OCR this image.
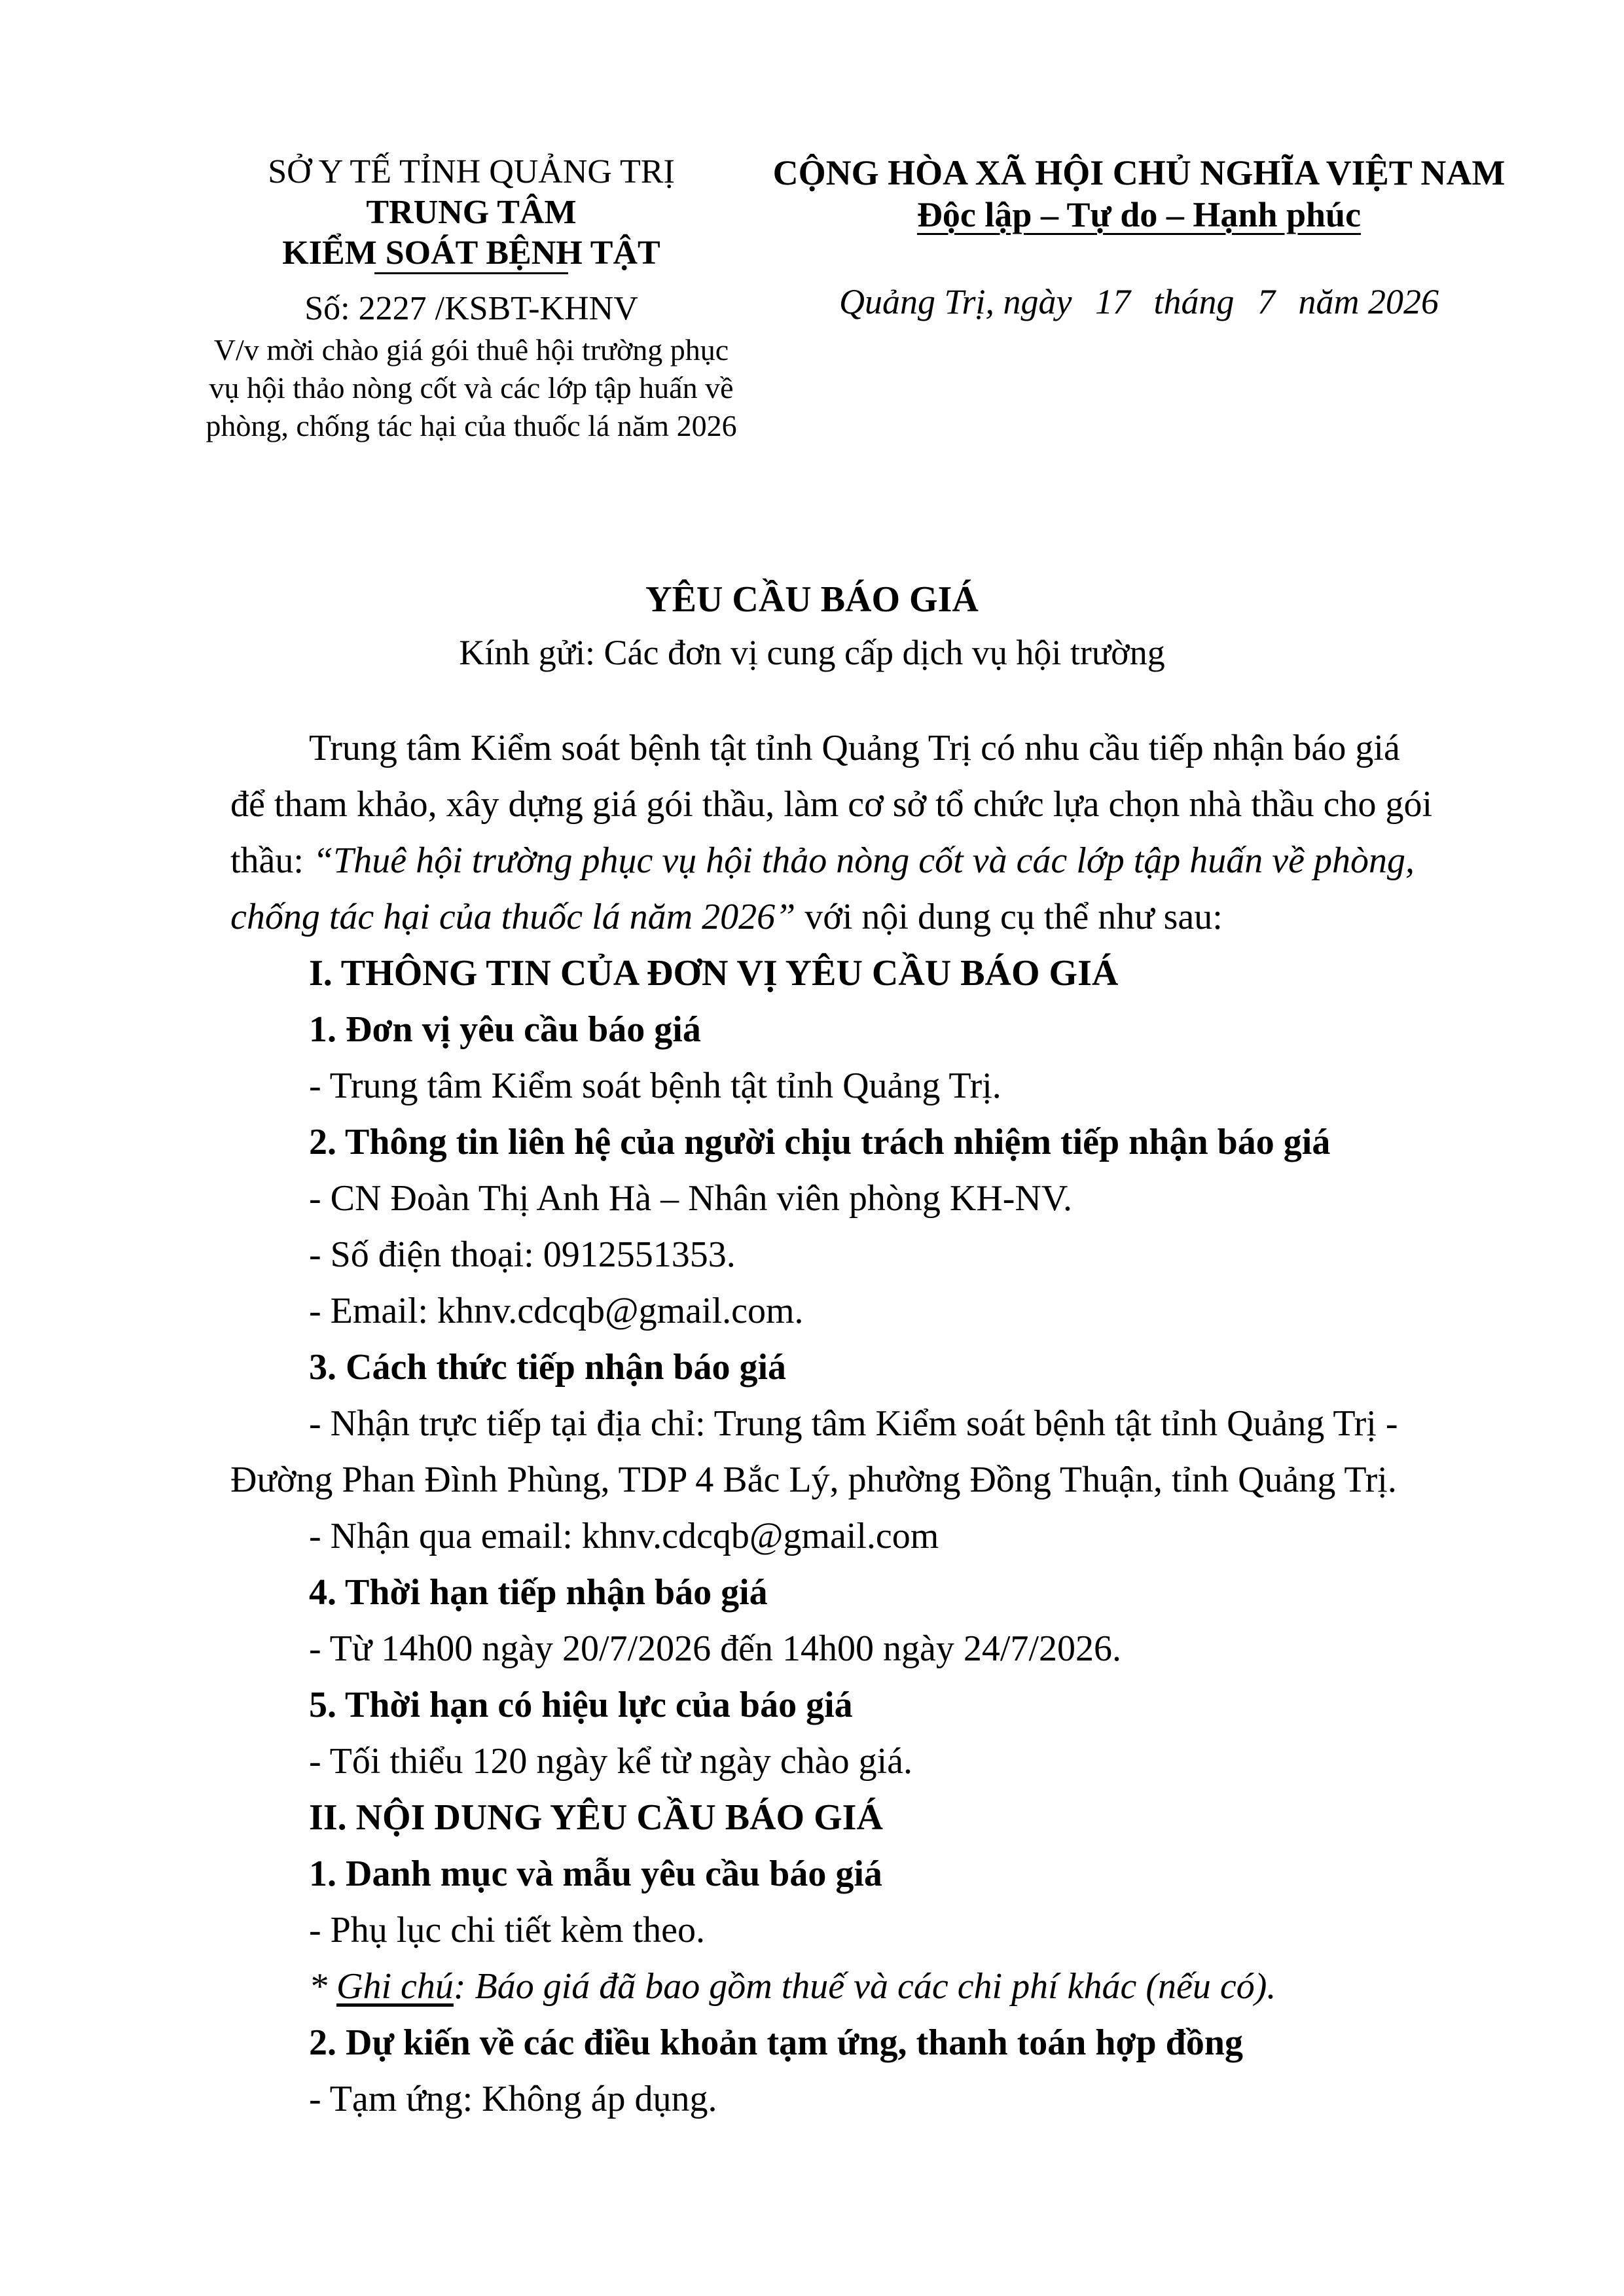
SỞ Y TẾ TỈNH QUẢNG TRỊ
TRUNG TÂM
KIỂM SOÁT BỆNH TẬT
Số: 2227 /KSBT-KHNV
V/v mời chào giá gói thuê hội trường phục vụ hội thảo nòng cốt và các lớp tập huấn về phòng, chống tác hại của thuốc lá năm 2026
CỘNG HÒA XÃ HỘI CHỦ NGHĨA VIỆT NAM
Độc lập – Tự do – Hạnh phúc
Quảng Trị, ngày 17 tháng 7 năm 2026
YÊU CẦU BÁO GIÁ
Kính gửi: Các đơn vị cung cấp dịch vụ hội trường
Trung tâm Kiểm soát bệnh tật tỉnh Quảng Trị có nhu cầu tiếp nhận báo giá
để tham khảo, xây dựng giá gói thầu, làm cơ sở tổ chức lựa chọn nhà thầu cho gói
thầu: “Thuê hội trường phục vụ hội thảo nòng cốt và các lớp tập huấn về phòng,
chống tác hại của thuốc lá năm 2026” với nội dung cụ thể như sau:
I. THÔNG TIN CỦA ĐƠN VỊ YÊU CẦU BÁO GIÁ
1. Đơn vị yêu cầu báo giá
- Trung tâm Kiểm soát bệnh tật tỉnh Quảng Trị.
2. Thông tin liên hệ của người chịu trách nhiệm tiếp nhận báo giá
- CN Đoàn Thị Anh Hà – Nhân viên phòng KH-NV.
- Số điện thoại: 0912551353.
- Email: khnv.cdcqb@gmail.com.
3. Cách thức tiếp nhận báo giá
- Nhận trực tiếp tại địa chỉ: Trung tâm Kiểm soát bệnh tật tỉnh Quảng Trị -
Đường Phan Đình Phùng, TDP 4 Bắc Lý, phường Đồng Thuận, tỉnh Quảng Trị.
- Nhận qua email: khnv.cdcqb@gmail.com
4. Thời hạn tiếp nhận báo giá
- Từ 14h00 ngày 20/7/2026 đến 14h00 ngày 24/7/2026.
5. Thời hạn có hiệu lực của báo giá
- Tối thiểu 120 ngày kể từ ngày chào giá.
II. NỘI DUNG YÊU CẦU BÁO GIÁ
1. Danh mục và mẫu yêu cầu báo giá
- Phụ lục chi tiết kèm theo.
* Ghi chú: Báo giá đã bao gồm thuế và các chi phí khác (nếu có).
2. Dự kiến về các điều khoản tạm ứng, thanh toán hợp đồng
- Tạm ứng: Không áp dụng.
